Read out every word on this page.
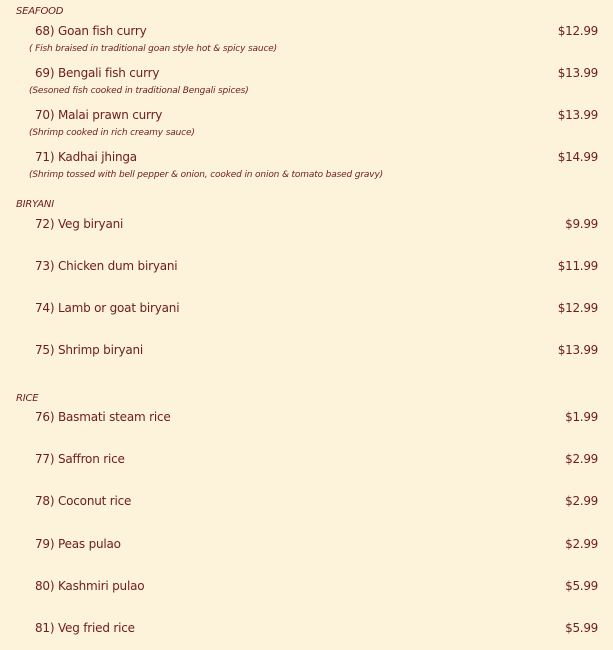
SEAFOOD
68) Goan fish curry	$12.99
( Fish braised in traditional goan style hot & spicy sauce)
69) Bengali fish curry	$13.99
(Sesoned fish cooked in traditional Bengali spices)
70) Malai prawn curry	$13.99
(Shrimp cooked in rich creamy sauce)
71) Kadhai jhinga	$14.99
(Shrimp tossed with bell pepper & onion, cooked in onion & tomato based gravy)
BIRYANI
72) Veg biryani	$9.99
73) Chicken dum biryani	$11.99
74) Lamb or goat biryani	$12.99
75) Shrimp biryani	$13.99
RICE
76) Basmati steam rice	$1.99
77) Saffron rice	$2.99
78) Coconut rice	$2.99
79) Peas pulao	$2.99
80) Kashmiri pulao	$5.99
81) Veg fried rice	$5.99
